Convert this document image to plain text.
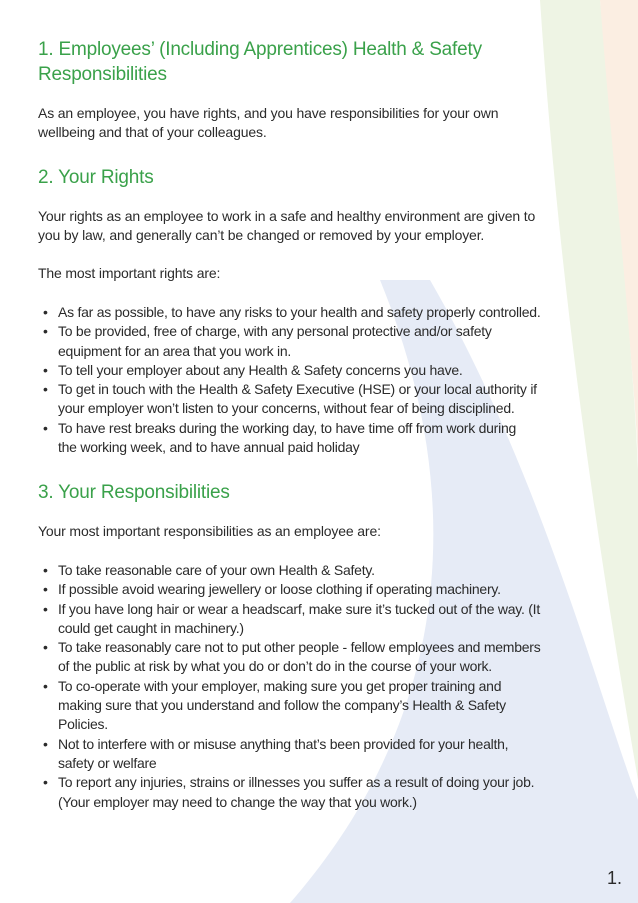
1. Employees’ (Including Apprentices) Health & Safety
Responsibilities

As an employee, you have rights, and you have responsibilities for your own
wellbeing and that of your colleagues.

2. Your Rights

Your rights as an employee to work in a safe and healthy environment are given to
you by law, and generally can’t be changed or removed by your employer.

The most important rights are:

• As far as possible, to have any risks to your health and safety properly controlled.
• To be provided, free of charge, with any personal protective and/or safety
equipment for an area that you work in.
• To tell your employer about any Health & Safety concerns you have.
• To get in touch with the Health & Safety Executive (HSE) or your local authority if
your employer won’t listen to your concerns, without fear of being disciplined.
• To have rest breaks during the working day, to have time off from work during
the working week, and to have annual paid holiday
3. Your Responsibilities

Your most important responsibilities as an employee are:

• To take reasonable care of your own Health & Safety.
• If possible avoid wearing jewellery or loose clothing if operating machinery.
• If you have long hair or wear a headscarf, make sure it’s tucked out of the way. (It
could get caught in machinery.)
• To take reasonably care not to put other people - fellow employees and members
of the public at risk by what you do or don’t do in the course of your work.
• To co-operate with your employer, making sure you get proper training and
making sure that you understand and follow the company’s Health & Safety
Policies.
• Not to interfere with or misuse anything that’s been provided for your health,
safety or welfare
• To report any injuries, strains or illnesses you suffer as a result of doing your job.
(Your employer may need to change the way that you work.)
1.
